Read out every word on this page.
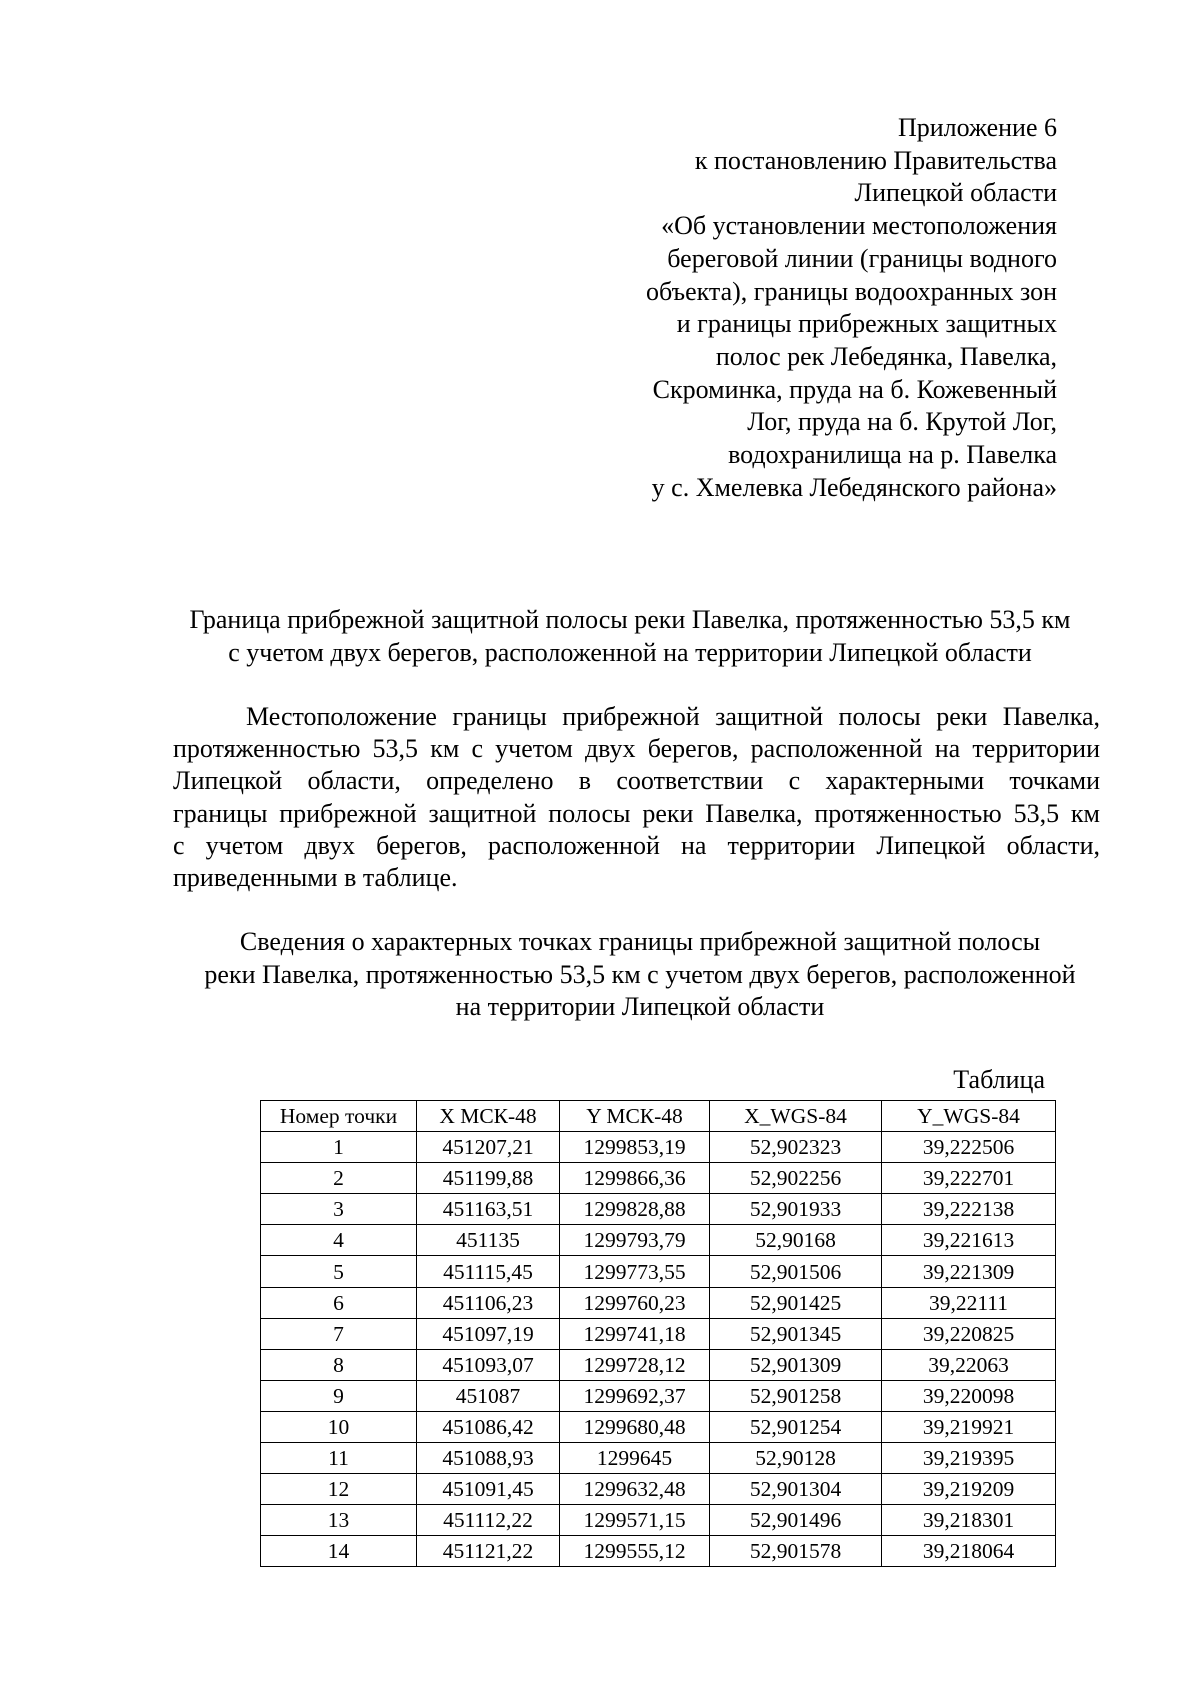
Приложение 6
к постановлению Правительства
Липецкой области
«Об установлении местоположения
береговой линии (границы водного
объекта), границы водоохранных зон
и границы прибрежных защитных
полос рек Лебедянка, Павелка,
Скроминка, пруда на б. Кожевенный
Лог, пруда на б. Крутой Лог,
водохранилища на р. Павелка
у с. Хмелевка Лебедянского района»
Граница прибрежной защитной полосы реки Павелка, протяженностью 53,5 км
с учетом двух берегов, расположенной на территории Липецкой области
Местоположение границы прибрежной защитной полосы реки Павелка,
протяженностью 53,5 км с учетом двух берегов, расположенной на территории
Липецкой области, определено в соответствии с характерными точками
границы прибрежной защитной полосы реки Павелка, протяженностью 53,5 км
с учетом двух берегов, расположенной на территории Липецкой области,
приведенными в таблице.
Сведения о характерных точках границы прибрежной защитной полосы
реки Павелка, протяженностью 53,5 км с учетом двух берегов, расположенной
на территории Липецкой области
Таблица
Номер точки	X МСК-48	Y МСК-48	X_WGS-84	Y_WGS-84
1	451207,21	1299853,19	52,902323	39,222506
2	451199,88	1299866,36	52,902256	39,222701
3	451163,51	1299828,88	52,901933	39,222138
4	451135	1299793,79	52,90168	39,221613
5	451115,45	1299773,55	52,901506	39,221309
6	451106,23	1299760,23	52,901425	39,22111
7	451097,19	1299741,18	52,901345	39,220825
8	451093,07	1299728,12	52,901309	39,22063
9	451087	1299692,37	52,901258	39,220098
10	451086,42	1299680,48	52,901254	39,219921
11	451088,93	1299645	52,90128	39,219395
12	451091,45	1299632,48	52,901304	39,219209
13	451112,22	1299571,15	52,901496	39,218301
14	451121,22	1299555,12	52,901578	39,218064
